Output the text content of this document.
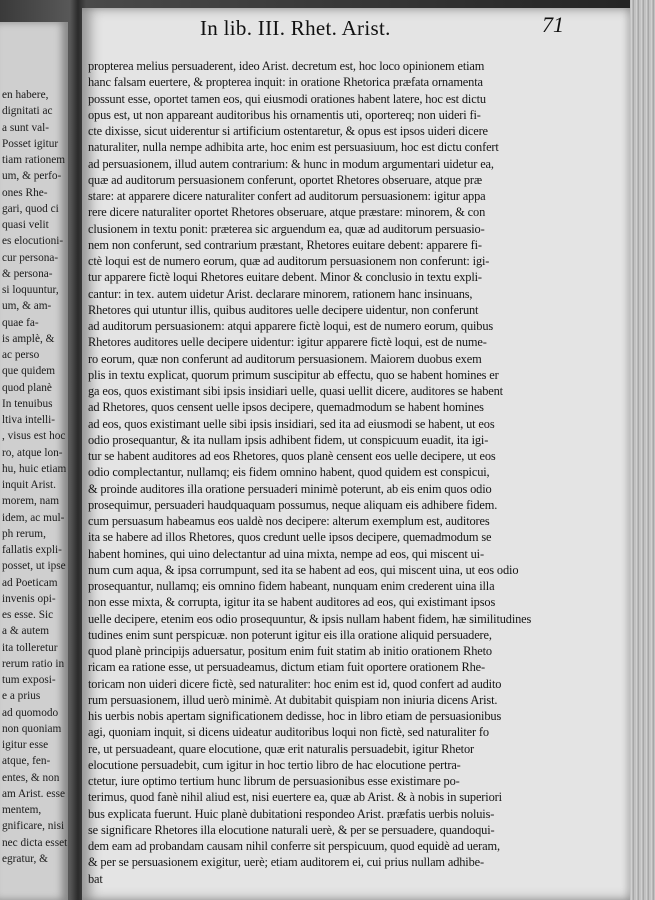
en habere,
dignitati ac
a sunt val-
Posset igitur
tiam rationem
um, & perfo-
ones Rhe-
gari, quod ci
quasi velit
es elocutioni-
cur persona-
& persona-
si loquuntur,
um, & am-
quae fa-
is amplè, &
ac perso
que quidem
quod planè
In tenuibus
ltiva intelli-
, visus est hoc
ro, atque lon-
hu, huic etiam
inquit Arist.
morem, nam
idem, ac mul-
ph rerum,
fallatis expli-
posset, ut ipse
ad Poeticam
invenis opi-
es esse. Sic
a & autem
ita tolleretur
rerum ratio in
tum exposi-
e a prius
ad quomodo
non quoniam
igitur esse
atque, fen-
entes, & non
am Arist. esse
mentem,
gnificare, nisi
nec dicta esset
egratur, &
In lib. III. Rhet. Arist.	71
propterea melius persuaderent, ideo Arist. decretum est, hoc loco opinionem etiam
hanc falsam euertere, & propterea inquit: in oratione Rhetorica præfata ornamenta
possunt esse, oportet tamen eos, qui eiusmodi orationes habent latere, hoc est dictu
opus est, ut non appareant auditoribus his ornamentis uti, oportereq; non uideri fi-
cte dixisse, sicut uiderentur si artificium ostentaretur, & opus est ipsos uideri dicere
naturaliter, nulla nempe adhibita arte, hoc enim est persuasiuum, hoc est dictu confert
ad persuasionem, illud autem contrarium: & hunc in modum argumentari uidetur ea,
quæ ad auditorum persuasionem conferunt, oportet Rhetores obseruare, atque præ
stare: at apparere dicere naturaliter confert ad auditorum persuasionem: igitur appa
rere dicere naturaliter oportet Rhetores obseruare, atque præstare: minorem, & con
clusionem in textu ponit: præterea sic arguendum ea, quæ ad auditorum persuasio-
nem non conferunt, sed contrarium præstant, Rhetores euitare debent: apparere fi-
ctè loqui est de numero eorum, quæ ad auditorum persuasionem non conferunt: igi-
tur apparere fictè loqui Rhetores euitare debent. Minor & conclusio in textu expli-
cantur: in tex. autem uidetur Arist. declarare minorem, rationem hanc insinuans,
Rhetores qui utuntur illis, quibus auditores uelle decipere uidentur, non conferunt
ad auditorum persuasionem: atqui apparere fictè loqui, est de numero eorum, quibus
Rhetores auditores uelle decipere uidentur: igitur apparere fictè loqui, est de nume-
ro eorum, quæ non conferunt ad auditorum persuasionem. Maiorem duobus exem
plis in textu explicat, quorum primum suscipitur ab effectu, quo se habent homines er
ga eos, quos existimant sibi ipsis insidiari uelle, quasi uellit dicere, auditores se habent
ad Rhetores, quos censent uelle ipsos decipere, quemadmodum se habent homines
ad eos, quos existimant uelle sibi ipsis insidiari, sed ita ad eiusmodi se habent, ut eos
odio prosequantur, & ita nullam ipsis adhibent fidem, ut conspicuum euadit, ita igi-
tur se habent auditores ad eos Rhetores, quos planè censent eos uelle decipere, ut eos
odio complectantur, nullamq; eis fidem omnino habent, quod quidem est conspicui,
& proinde auditores illa oratione persuaderi minimè poterunt, ab eis enim quos odio
prosequimur, persuaderi haudquaquam possumus, neque aliquam eis adhibere fidem.
cum persuasum habeamus eos ualdè nos decipere: alterum exemplum est, auditores
ita se habere ad illos Rhetores, quos credunt uelle ipsos decipere, quemadmodum se
habent homines, qui uino delectantur ad uina mixta, nempe ad eos, qui miscent ui-
num cum aqua, & ipsa corrumpunt, sed ita se habent ad eos, qui miscent uina, ut eos odio
prosequantur, nullamq; eis omnino fidem habeant, nunquam enim crederent uina illa
non esse mixta, & corrupta, igitur ita se habent auditores ad eos, qui existimant ipsos
uelle decipere, etenim eos odio prosequuntur, & ipsis nullam habent fidem, hæ similitudines
tudines enim sunt perspicuæ. non poterunt igitur eis illa oratione aliquid persuadere,
quod planè principijs aduersatur, positum enim fuit statim ab initio orationem Rheto
ricam ea ratione esse, ut persuadeamus, dictum etiam fuit oportere orationem Rhe-
toricam non uideri dicere fictè, sed naturaliter: hoc enim est id, quod confert ad audito
rum persuasionem, illud uerò minimè. At dubitabit quispiam non iniuria dicens Arist.
his uerbis nobis apertam significationem dedisse, hoc in libro etiam de persuasionibus
agi, quoniam inquit, si dicens uideatur auditoribus loqui non fictè, sed naturaliter fo
re, ut persuadeant, quare elocutione, quæ erit naturalis persuadebit, igitur Rhetor
elocutione persuadebit, cum igitur in hoc tertio libro de hac elocutione pertra-
ctetur, iure optimo tertium hunc librum de persuasionibus esse existimare po-
terimus, quod fanè nihil aliud est, nisi euertere ea, quæ ab Arist. & à nobis in superiori
bus explicata fuerunt. Huic planè dubitationi respondeo Arist. præfatis uerbis noluis-
se significare Rhetores illa elocutione naturali uerè, & per se persuadere, quandoqui-
dem eam ad probandam causam nihil conferre sit perspicuum, quod equidè ad ueram,
& per se persuasionem exigitur, uerè; etiam auditorem ei, cui prius nullam adhibe-
bat
